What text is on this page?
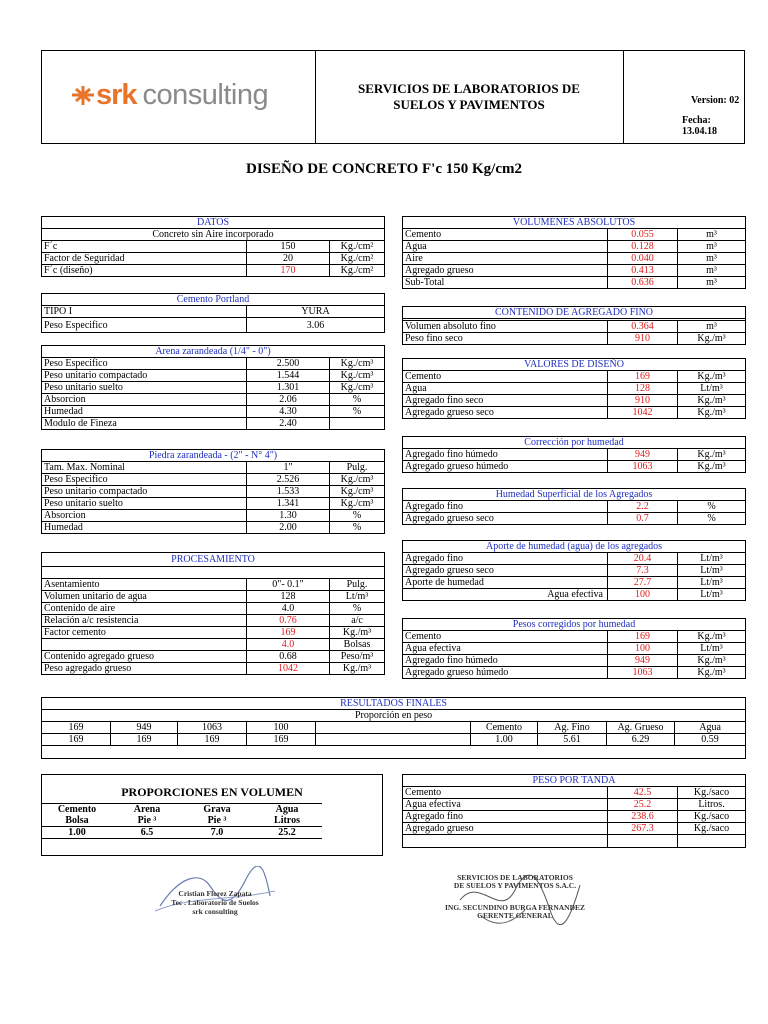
srk consulting	SERVICIOS DE LABORATORIOS DE
SUELOS Y PAVIMENTOS	Version: 02
Fecha: 13.04.18
DISEÑO DE CONCRETO F'c 150 Kg/cm2
DATOS		
Concreto sin Aire incorporado		
F´c	150	Kg./cm²
Factor de Seguridad	20	Kg./cm²
F´c (diseño)	170	Kg./cm²
Cemento Portland	
TIPO I	YURA
Peso Especifico	3.06
Arena zarandeada (1/4" - 0")		
Peso Especifico	2.500	Kg./cm³
Peso unitario compactado	1.544	Kg./cm³
Peso unitario suelto	1.301	Kg./cm³
Absorcion	2.06	%
Humedad	4.30	%
Modulo de Fineza	2.40	
Piedra zarandeada - (2" - N° 4")		
Tam. Max. Nominal	1"	Pulg.
Peso Especifico	2.526	Kg./cm³
Peso unitario compactado	1.533	Kg./cm³
Peso unitario suelto	1.341	Kg./cm³
Absorcion	1.30	%
Humedad	2.00	%
PROCESAMIENTO		

Asentamiento	0"- 0.1"	Pulg.
Volumen unitario de agua	128	Lt/m³
Contenido de aire	4.0	%
Relación a/c resistencia	0.76	a/c
Factor cemento	169	Kg./m³
	4.0	Bolsas
Contenido agregado grueso	0.68	Peso/m³
Peso agregado grueso	1042	Kg./m³
VOLUMENES ABSOLUTOS		
Cemento	0.055	m³
Agua	0.128	m³
Aire	0.040	m³
Agregado grueso	0.413	m³
Sub-Total	0.636	m³
CONTENIDO DE AGREGADO FINO		

Volumen absoluto fino	0.364	m³
Peso fino seco	910	Kg./m³
VALORES DE DISEÑO		
Cemento	169	Kg./m³
Agua	128	Lt/m³
Agregado fino seco	910	Kg./m³
Agregado grueso seco	1042	Kg./m³
Corrección por humedad		
Agregado fino húmedo	949	Kg./m³
Agregado grueso húmedo	1063	Kg./m³
Humedad Superficial de los Agregados		
Agregado fino	2.2	%
Agregado grueso seco	0.7	%
Aporte de humedad (agua) de los agregados		
Agregado fino	20.4	Lt/m³
Agregado grueso seco	7.3	Lt/m³
Aporte de humedad	27.7	Lt/m³
Agua efectiva	100	Lt/m³
Pesos corregidos por humedad		
Cemento	169	Kg./m³
Agua efectiva	100	Lt/m³
Agregado fino húmedo	949	Kg./m³
Agregado grueso húmedo	1063	Kg./m³
RESULTADOS FINALES								
Proporción en peso								
169	949	1063	100		Cemento	Ag. Fino	Ag. Grueso	Agua
169	169	169	169		1.00	5.61	6.29	0.59

PROPORCIONES EN VOLUMEN
Cemento	Arena	Grava	Agua	
Bolsa	Pie ³	Pie ³	Litros	
1.00	6.5	7.0	25.2	
PESO POR TANDA		
Cemento	42.5	Kg./saco
Agua efectiva	25.2	Litros.
Agregado fino	238.6	Kg./saco
Agregado grueso	267.3	Kg./saco

Cristian Florez Zapata
Tec . Laboratorio de Suelos
srk consulting
SERVICIOS DE LABORATORIOS
DE SUELOS Y PAVIMENTOS S.A.C.
ING. SECUNDINO BURGA FERNANDEZ
GERENTE GENERAL
